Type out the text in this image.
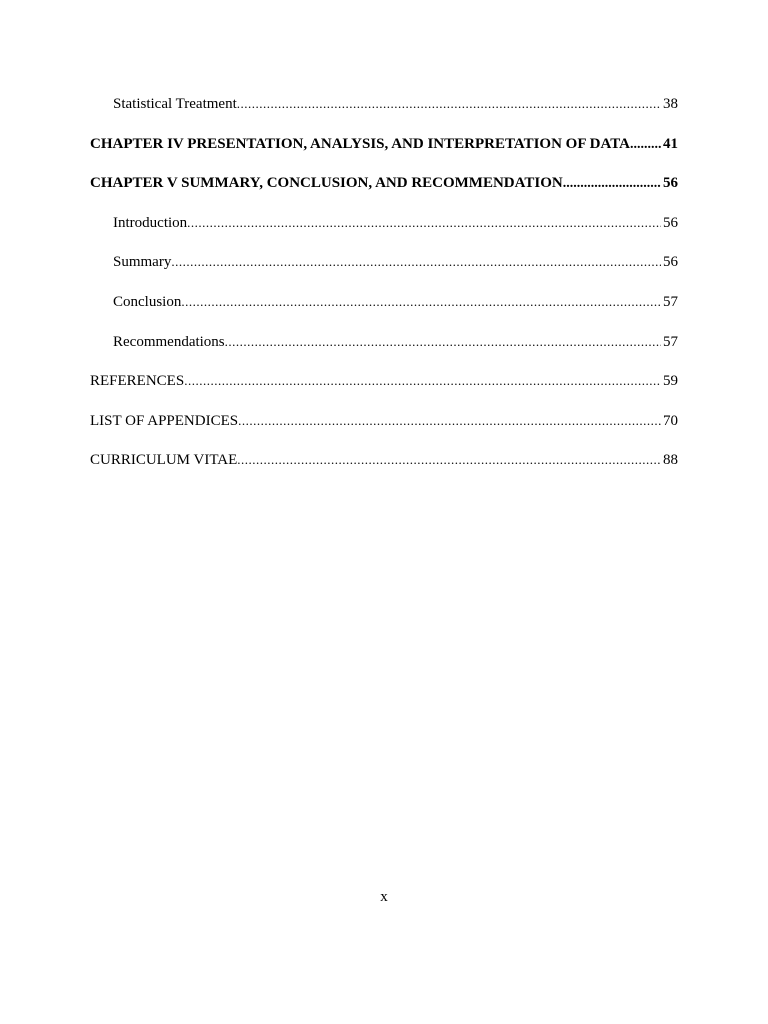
Statistical Treatment .....	38
CHAPTER IV PRESENTATION, ANALYSIS, AND INTERPRETATION OF DATA ..... 41
CHAPTER V SUMMARY, CONCLUSION, AND RECOMMENDATION .....	56
Introduction .....	56
Summary .....	56
Conclusion .....	57
Recommendations .....	57
REFERENCES .....	59
LIST OF APPENDICES .....	70
CURRICULUM VITAE .....	88
x
